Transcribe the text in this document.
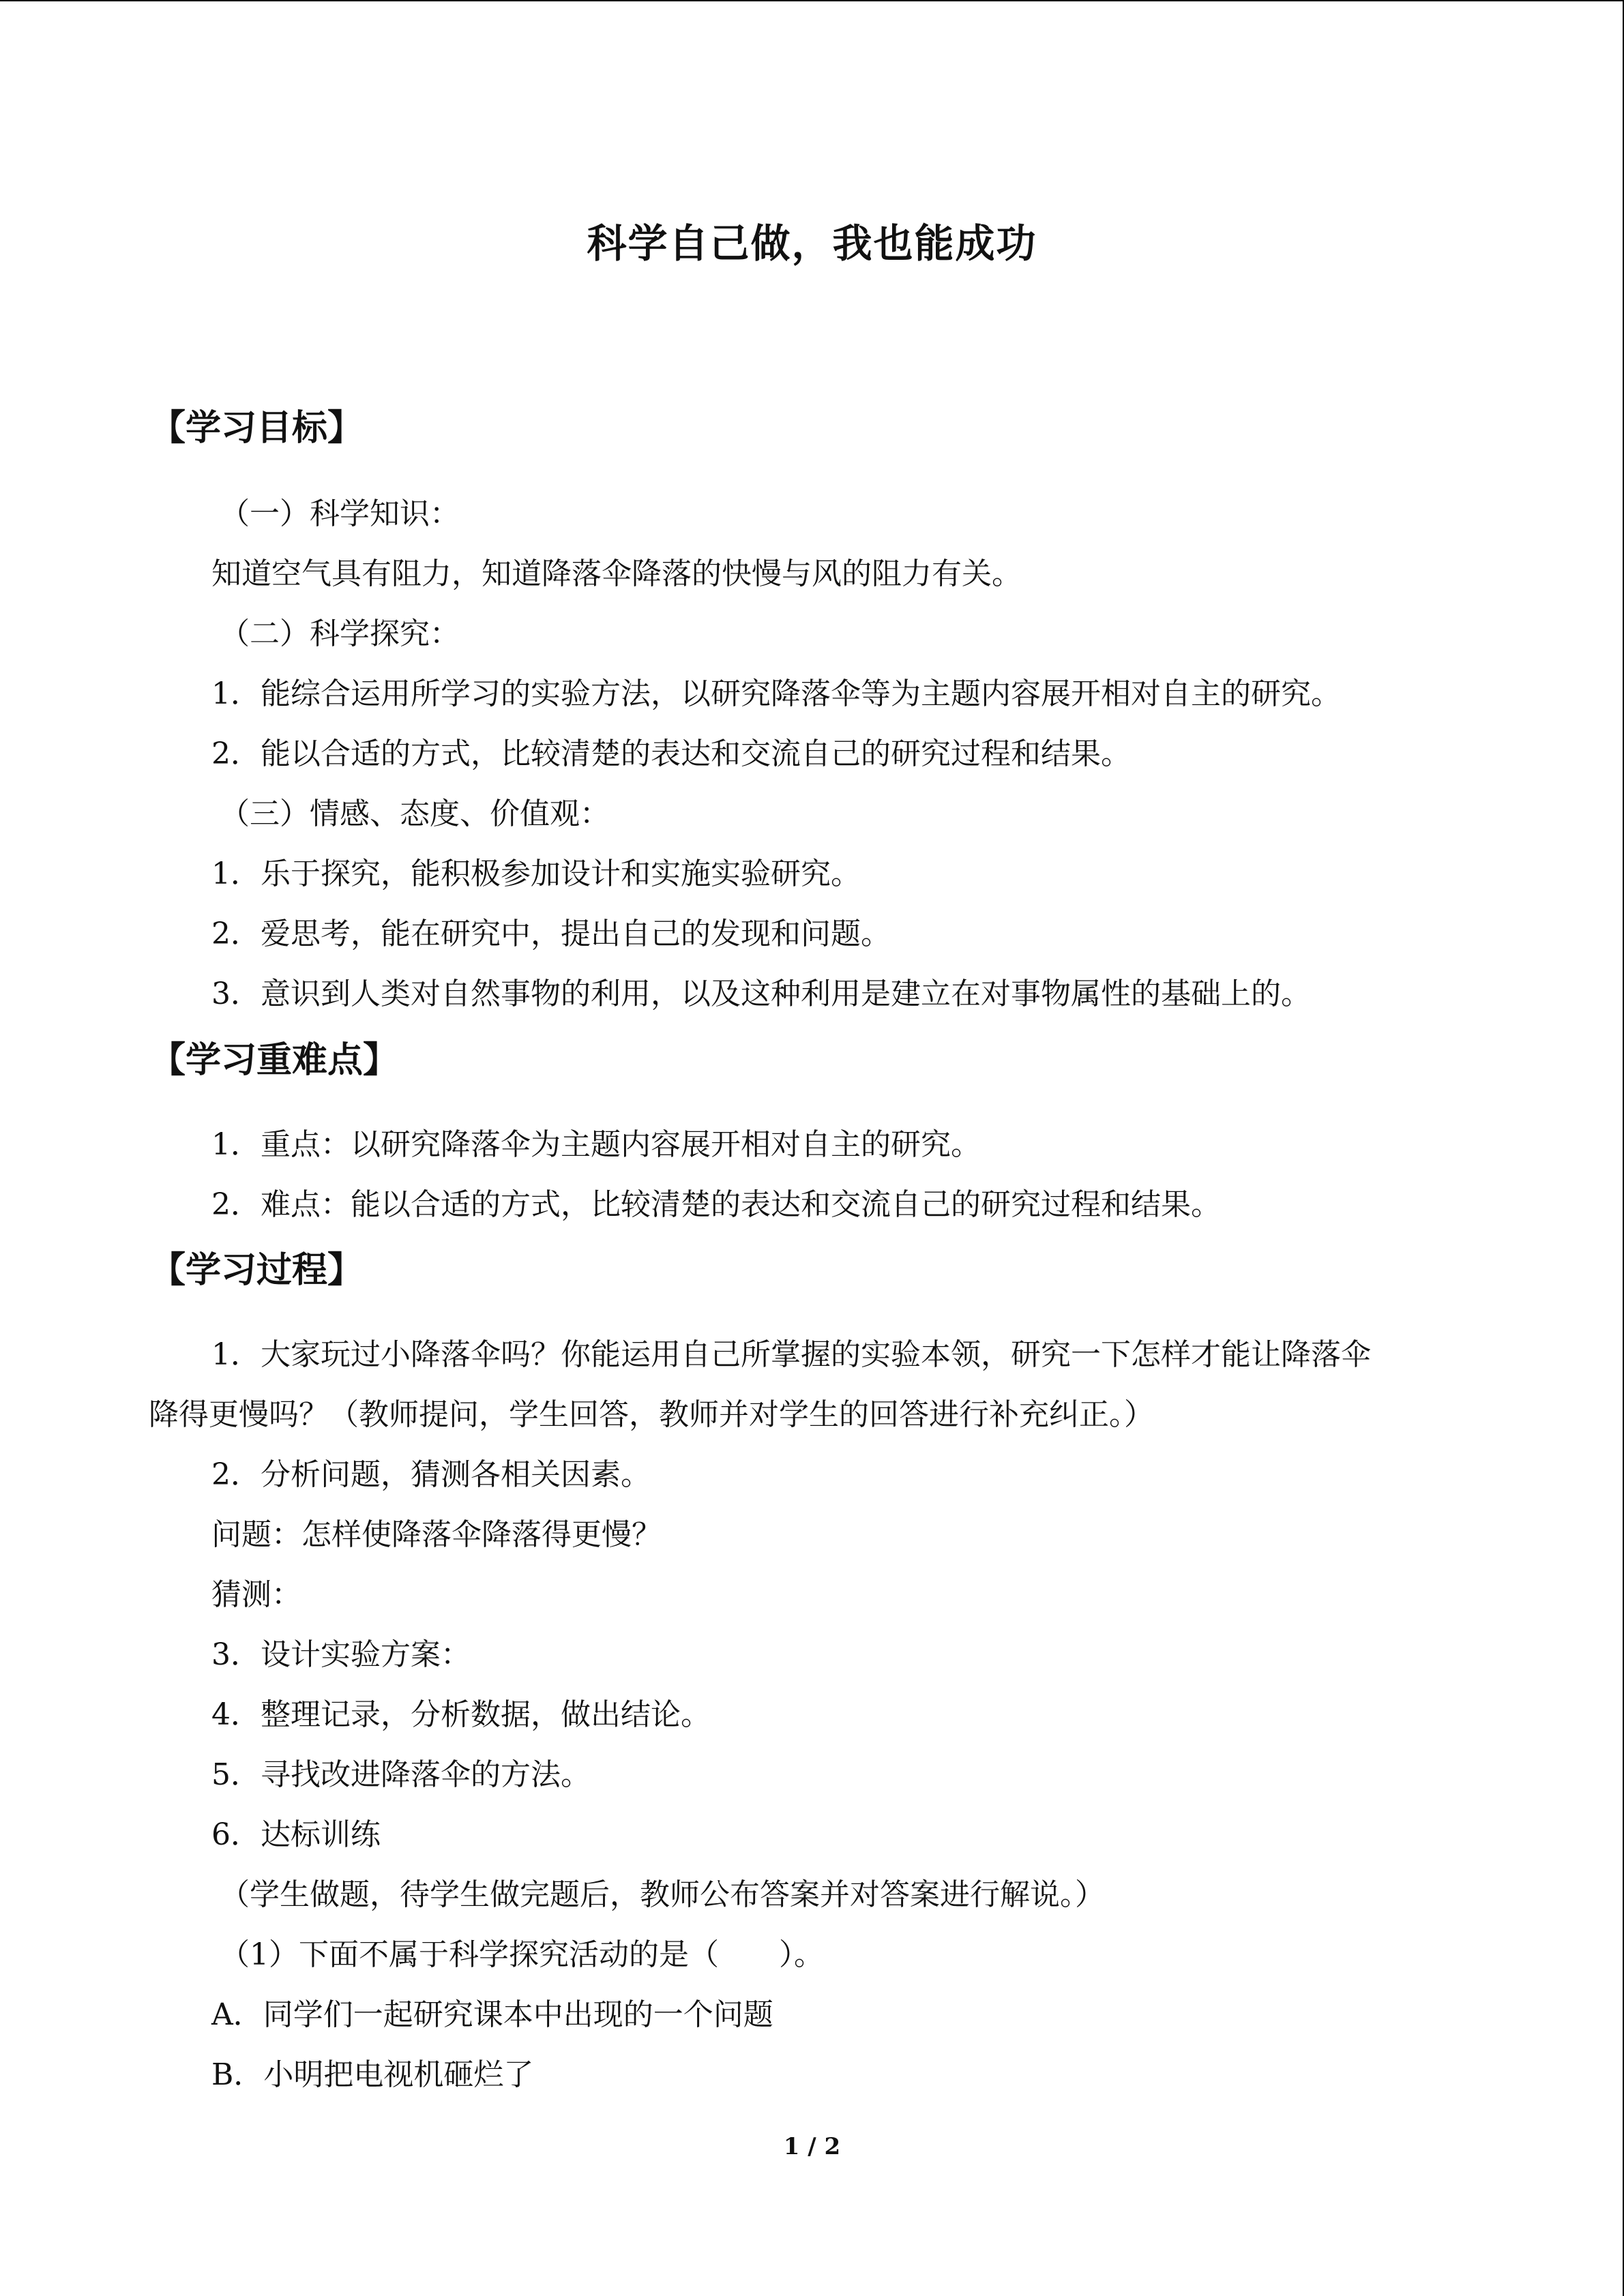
科学自己做，我也能成功
【学习目标】
（一）科学知识：
知道空气具有阻力，知道降落伞降落的快慢与风的阻力有关。
（二）科学探究：
1．能综合运用所学习的实验方法，以研究降落伞等为主题内容展开相对自主的研究。
2．能以合适的方式，比较清楚的表达和交流自己的研究过程和结果。
（三）情感、态度、价值观：
1．乐于探究，能积极参加设计和实施实验研究。
2．爱思考，能在研究中，提出自己的发现和问题。
3．意识到人类对自然事物的利用，以及这种利用是建立在对事物属性的基础上的。
【学习重难点】
1．重点：以研究降落伞为主题内容展开相对自主的研究。
2．难点：能以合适的方式，比较清楚的表达和交流自己的研究过程和结果。
【学习过程】
1．大家玩过小降落伞吗？你能运用自己所掌握的实验本领，研究一下怎样才能让降落伞
降得更慢吗？（教师提问，学生回答，教师并对学生的回答进行补充纠正。）
2．分析问题，猜测各相关因素。
问题：怎样使降落伞降落得更慢？
猜测：
3．设计实验方案：
4．整理记录，分析数据，做出结论。
5．寻找改进降落伞的方法。
6．达标训练
（学生做题，待学生做完题后，教师公布答案并对答案进行解说。）
（1）下面不属于科学探究活动的是（　　）。
A．同学们一起研究课本中出现的一个问题
B．小明把电视机砸烂了
1 / 2
